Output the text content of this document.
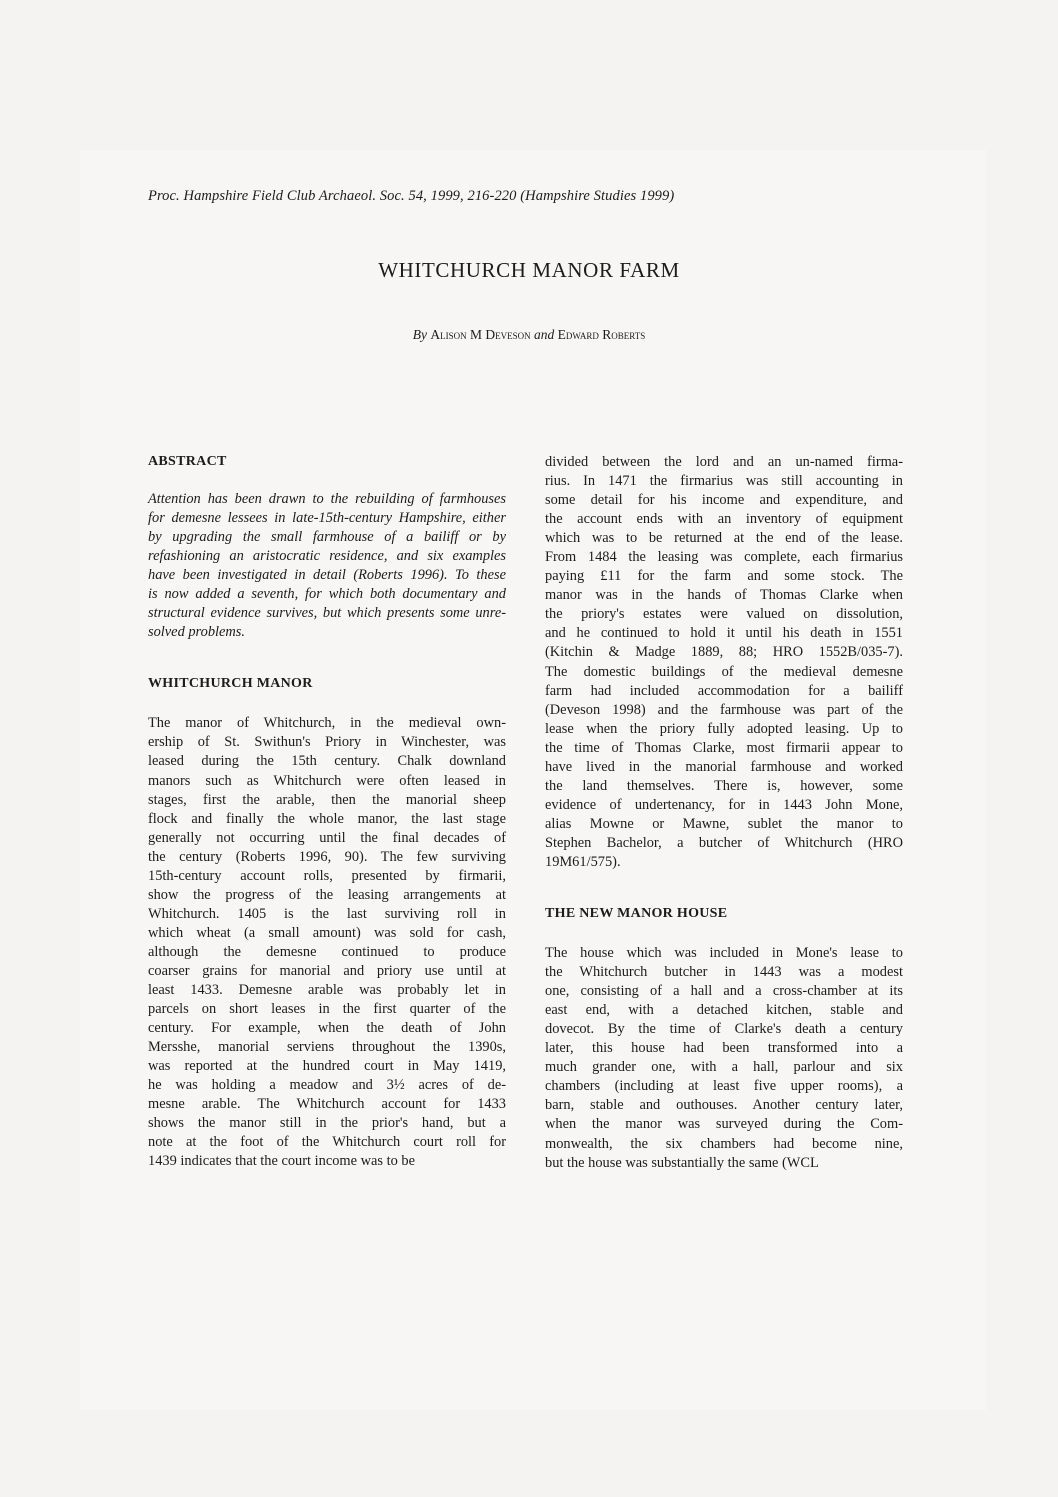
Proc. Hampshire Field Club Archaeol. Soc. 54, 1999, 216-220 (Hampshire Studies 1999)
WHITCHURCH MANOR FARM
By Alison M Deveson and Edward Roberts
ABSTRACT
Attention has been drawn to the rebuilding of farmhouses
for demesne lessees in late-15th-century Hampshire, either
by upgrading the small farmhouse of a bailiff or by
refashioning an aristocratic residence, and six examples
have been investigated in detail (Roberts 1996). To these
is now added a seventh, for which both documentary and
structural evidence survives, but which presents some unre-
solved problems.
WHITCHURCH MANOR
The manor of Whitchurch, in the medieval own-
ership of St. Swithun's Priory in Winchester, was
leased during the 15th century. Chalk downland
manors such as Whitchurch were often leased in
stages, first the arable, then the manorial sheep
flock and finally the whole manor, the last stage
generally not occurring until the final decades of
the century (Roberts 1996, 90). The few surviving
15th-century account rolls, presented by firmarii,
show the progress of the leasing arrangements at
Whitchurch. 1405 is the last surviving roll in
which wheat (a small amount) was sold for cash,
although the demesne continued to produce
coarser grains for manorial and priory use until at
least 1433. Demesne arable was probably let in
parcels on short leases in the first quarter of the
century. For example, when the death of John
Mersshe, manorial serviens throughout the 1390s,
was reported at the hundred court in May 1419,
he was holding a meadow and 3½ acres of de-
mesne arable. The Whitchurch account for 1433
shows the manor still in the prior's hand, but a
note at the foot of the Whitchurch court roll for
1439 indicates that the court income was to be
divided between the lord and an un-named firma-
rius. In 1471 the firmarius was still accounting in
some detail for his income and expenditure, and
the account ends with an inventory of equipment
which was to be returned at the end of the lease.
From 1484 the leasing was complete, each firmarius
paying £11 for the farm and some stock. The
manor was in the hands of Thomas Clarke when
the priory's estates were valued on dissolution,
and he continued to hold it until his death in 1551
(Kitchin & Madge 1889, 88; HRO 1552B/035-7).
The domestic buildings of the medieval demesne
farm had included accommodation for a bailiff
(Deveson 1998) and the farmhouse was part of the
lease when the priory fully adopted leasing. Up to
the time of Thomas Clarke, most firmarii appear to
have lived in the manorial farmhouse and worked
the land themselves. There is, however, some
evidence of undertenancy, for in 1443 John Mone,
alias Mowne or Mawne, sublet the manor to
Stephen Bachelor, a butcher of Whitchurch (HRO
19M61/575).
THE NEW MANOR HOUSE
The house which was included in Mone's lease to
the Whitchurch butcher in 1443 was a modest
one, consisting of a hall and a cross-chamber at its
east end, with a detached kitchen, stable and
dovecot. By the time of Clarke's death a century
later, this house had been transformed into a
much grander one, with a hall, parlour and six
chambers (including at least five upper rooms), a
barn, stable and outhouses. Another century later,
when the manor was surveyed during the Com-
monwealth, the six chambers had become nine,
but the house was substantially the same (WCL
